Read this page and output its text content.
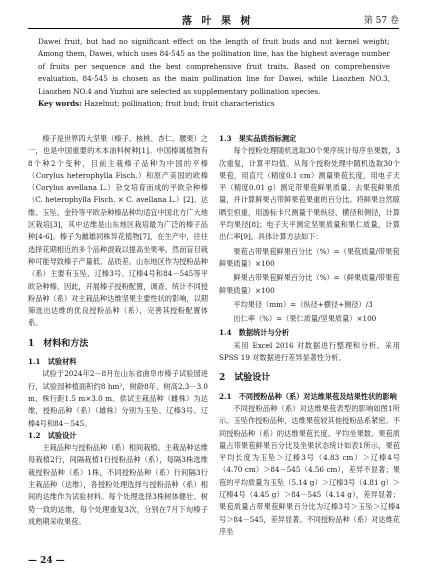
落 叶 果 树	第 57 卷

Dawei fruit, but had no significant effect on the length of fruit buds and nut kernel weight; Among them, Dawei, which uses 84-545 as the pollination line, has the highest average number of fruits per sequence and the best comprehensive fruit traits. Based on comprehensive evaluation, 84-545 is chosen as the main pollination line for Dawei, while Liaozhen NO.3, Liaozhen NO.4 and Yuzhui are selected as supplementary pollination species.

Key words: Hazelnut; pollination; fruit bud; fruit characteristics

榛子是世界四大坚果（榛子、核桃、杏仁、腰果）之一，也是中国重要的木本油料树种[1]。中国榛属植物有8个种2个变种，目前主栽榛子品种为中国的平榛（Corylus heterophylla Fisch.）和原产美国的欧榛（Corylus avellana L.）杂交培育而成的平欧杂种榛（C. heterophylla Fisch. × C. avellana L.）[2]。达维、玉坠、金铃等平欧杂种榛品种均适宜中国北方广大地区栽培[3]，其中达维是山东地区栽培最为广泛的榛子品种[4-6]。榛子为雌雄同株异花植物[7]，在生产中，往往选择花期相近的多个品种混栽以提高坐果率。然而盲目栽种可能导致榛子产量低、品质差。山东地区作为授粉品种（系）主要有玉坠、辽榛3号、辽榛4号和84－545等平欧杂种榛。因此，开展榛子授粉配置，调查、统计不同授粉品种（系）对主栽品种达维坚果主要性状的影响，以期筛选出达维的优良授粉品种（系），完善其授粉配置体系。

1　材料和方法
1.1　试验材料

试验于2024年2－8月在山东省曲阜市榛子试验园进行，试验园种植面积约8 hm²，树龄8年，树高2.3－3.0 m，株行距1.5 m×3.0 m。供试主栽品种（雌株）为达维，授粉品种（系）（雄株）分别为玉坠、辽榛3号、辽榛4号和84－545。

1.2　试验设计

主栽品种与授粉品种（系）相间栽植。主栽品种达维每栽植2行，间隔栽植1行授粉品种（系），每隔3株选维栽授粉品种（系）1株，不同授粉品种（系）行间隔3行主栽品种（达维），各授粉处理选择与授粉品种（系）相间的达维作为试验材料。每个处理选择3株树体健壮、树势一致的达维，每个处理重复3次，分别在7月下旬榛子成熟期采收果苞。

1.3　果实品质指标测定

每个授粉处理随机选取30个果序统计每序坐果数，3次重复，计算平均值。从每个授粉处理中随机选取30个果苞，用直尺（精度0.1 cm）测量果苞长度，用电子天平（精度0.01 g）测定带果苞鲜果质量、去果苞鲜果质量，并计算鲜果占带鲜果苞果重的百分比。将鲜果自然晾晒至恒重，用游标卡尺测量干果纵径、横径和侧径，计算平均果径[8]；电子天平测定坚果质量和果仁质量，计算出仁率[9]。具体计算方法如下：

果苞占带果苞鲜果百分比（%）=（果苞质量/带果苞鲜果质量）×100

鲜果占带果苞鲜果百分比（%）=（鲜果质量/带果苞鲜果质量）×100

平均果径（mm）=（纵径+横径+侧径）/3

出仁率（%）=（果仁质量/坚果质量）×100

1.4　数据统计与分析

采用 Excel 2016 对数据进行整理和分析，采用 SPSS 19 对数据进行差异显著性分析。

2　试验设计
2.1　不同授粉品种（系）对达维果苞及结果性状的影响

不同授粉品种（系）对达维果苞表型的影响如图1所示。玉坠作授粉品种，达维果苞较其他授粉品系紧密。不同授粉品种（系）的达维果苞长度、平均坐果数、果苞质量占带果苞鲜果百分比及坐果状态统计如表1所示，果苞平均长度为玉坠＞辽榛3号（4.83 cm）＞辽榛4号（4.70 cm）＞84－545（4.56 cm），差异不显著；果苞的平均质量为玉坠（5.14 g）＞辽榛3号（4.81 g）＞辽榛4号（4.45 g）＞84－545（4.14 g），差异显著；果苞质量占带果苞鲜果百分比为辽榛3号＞玉坠＞辽榛4号＞84－545，差异显著。不同授粉品种（系）对达维花序坐

— 24 —
